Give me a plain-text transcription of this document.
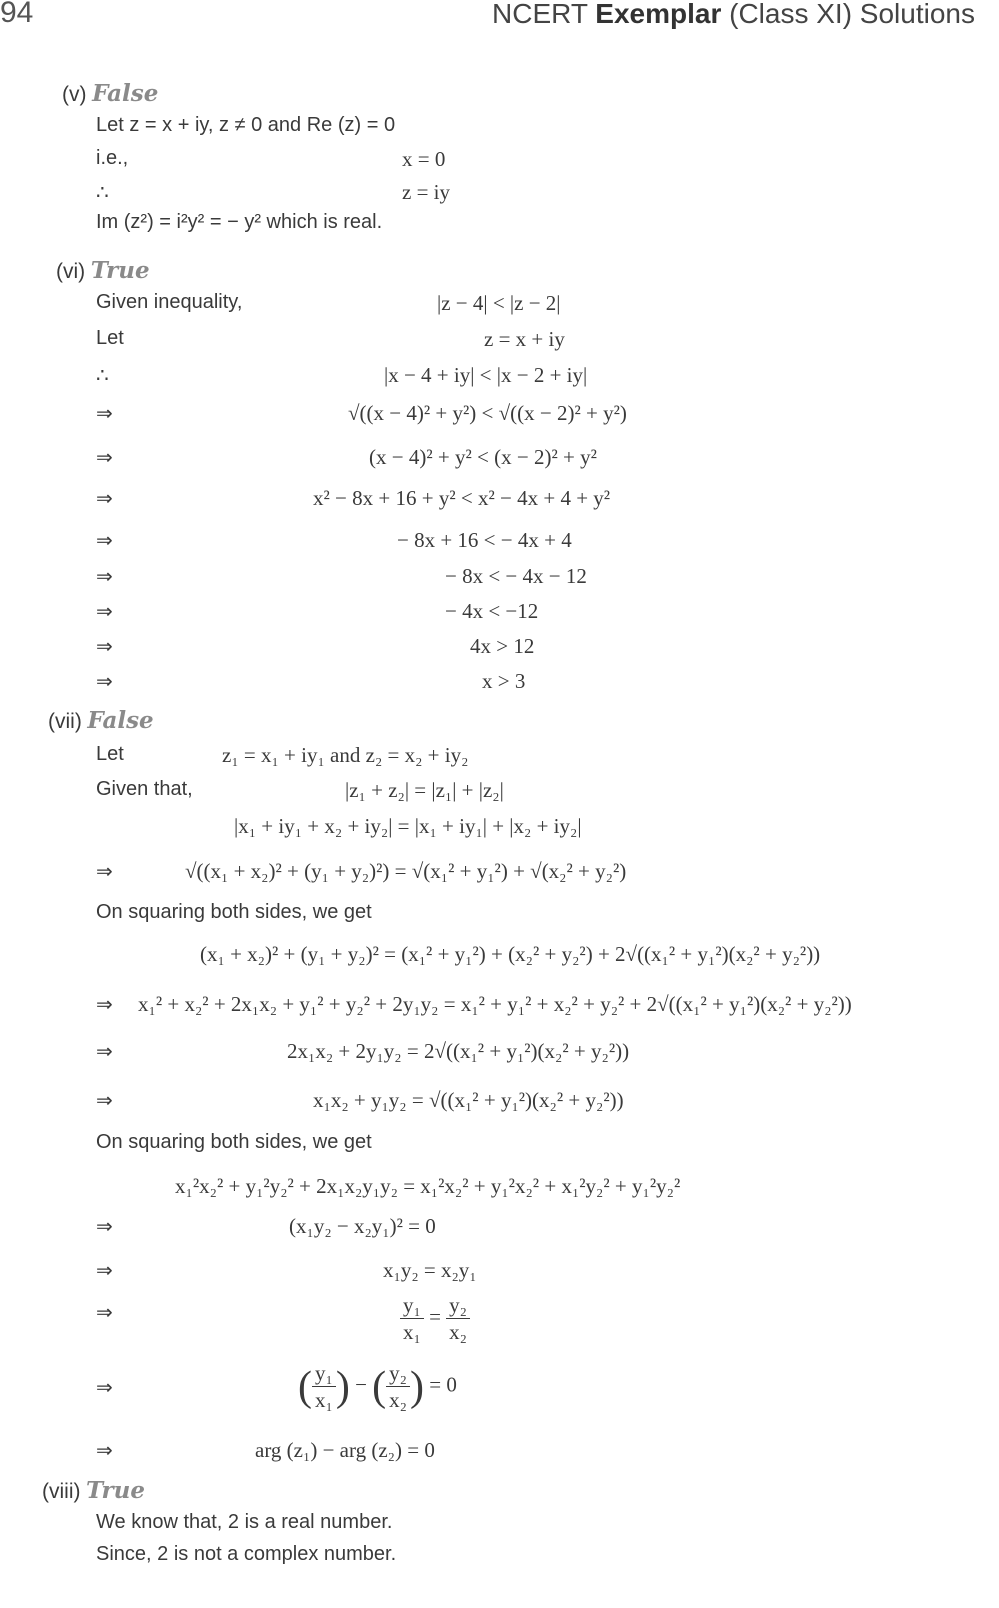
94	NCERT Exemplar (Class XI) Solutions
(v) False
(vi) True
(vii) False
(viii) True
Let z = x + iy, z ≠ 0 and Re (z) = 0
i.e.,	x = 0
∴	z = iy
Im (z²) = i²y² = − y² which is real.
Given inequality,	|z − 4| < |z − 2|
Let	z = x + iy
∴	|x − 4 + iy| < |x − 2 + iy|
⇒	√((x − 4)² + y²) < √((x − 2)² + y²)
⇒	(x − 4)² + y² < (x − 2)² + y²
⇒	x² − 8x + 16 + y² < x² − 4x + 4 + y²
⇒	− 8x + 16 < − 4x + 4
⇒	− 8x < − 4x − 12
⇒	− 4x < −12
⇒	4x > 12
⇒	x > 3
Let	z₁ = x₁ + iy₁ and z₂ = x₂ + iy₂
Given that,	|z₁ + z₂| = |z₁| + |z₂|
|x₁ + iy₁ + x₂ + iy₂| = |x₁ + iy₁| + |x₂ + iy₂|
⇒	√((x₁ + x₂)² + (y₁ + y₂)²) = √(x₁² + y₁²) + √(x₂² + y₂²)
On squaring both sides, we get
(x₁ + x₂)² + (y₁ + y₂)² = (x₁² + y₁²) + (x₂² + y₂²) + 2√((x₁² + y₁²)(x₂² + y₂²))
⇒ x₁² + x₂² + 2x₁x₂ + y₁² + y₂² + 2y₁y₂ = x₁² + y₁² + x₂² + y₂² + 2√((x₁² + y₁²)(x₂² + y₂²))
⇒	2x₁x₂ + 2y₁y₂ = 2√((x₁² + y₁²)(x₂² + y₂²))
⇒	x₁x₂ + y₁y₂ = √((x₁² + y₁²)(x₂² + y₂²))
On squaring both sides, we get
x₁²x₂² + y₁²y₂² + 2x₁x₂y₁y₂ = x₁²x₂² + y₁²x₂² + x₁²y₂² + y₁²y₂²
⇒	(x₁y₂ − x₂y₁)² = 0
⇒	x₁y₂ = x₂y₁
⇒
⇒
⇒	arg (z₁) − arg (z₂) = 0
We know that, 2 is a real number.
Since, 2 is not a complex number.
$\frac{\text{y₁}}{\text{x₁}} = \frac{\text{y₂}}{\text{x₂}}$
( $\frac{\text{y₁}}{\text{x₁}}$ ) − ( $\frac{\text{y₂}}{\text{x₂}}$ ) = 0
